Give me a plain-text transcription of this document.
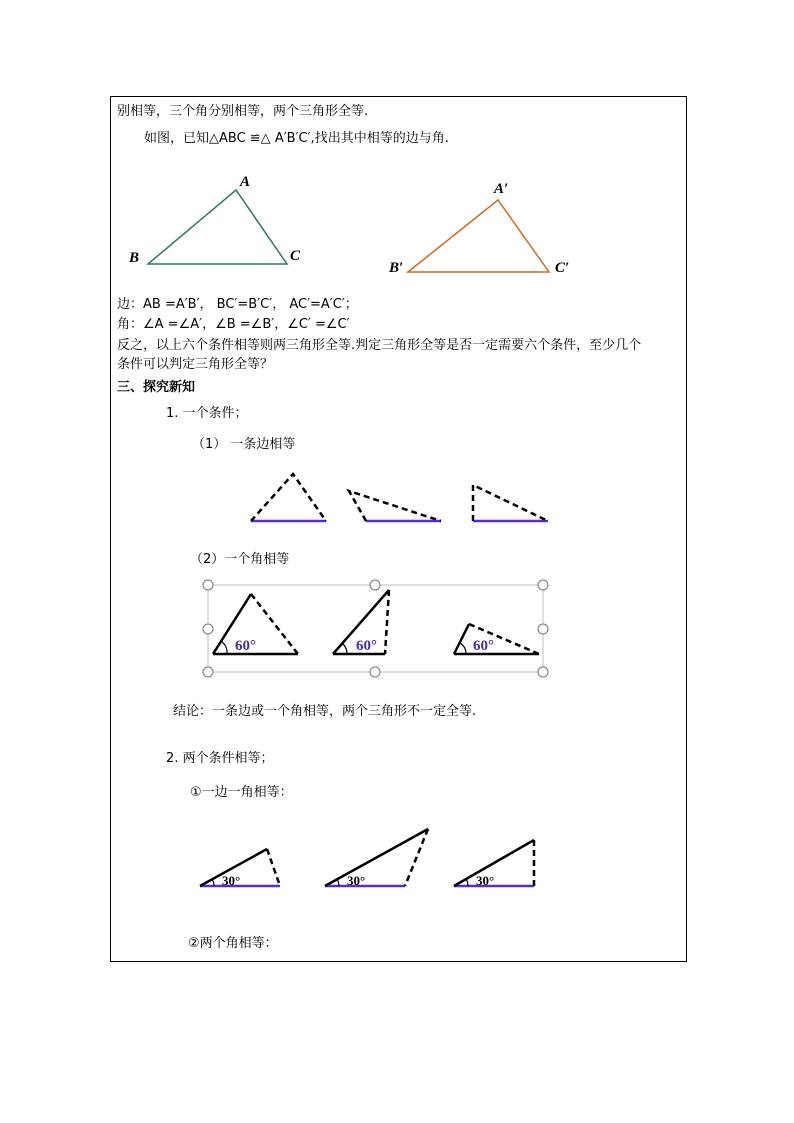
别相等，三个角分别相等，两个三角形全等.
如图，已知△ABC ≌△ A′B′C′,找出其中相等的边与角.
A
B	C
A′
B′	C′
边：AB =A′B′， BC′=B′C′， AC′=A′C′；
角：∠A =∠A′，∠B =∠B′，∠C′ =∠C′
反之，以上六个条件相等则两三角形全等.判定三角形全等是否一定需要六个条件，至少几个
条件可以判定三角形全等？
三、探究新知
1. 一个条件；
（1） 一条边相等
（2）一个角相等
60°	60°	60°
结论：一条边或一个角相等，两个三角形不一定全等.
2. 两个条件相等；
①一边一角相等：
30°	30°	30°
②两个角相等：
